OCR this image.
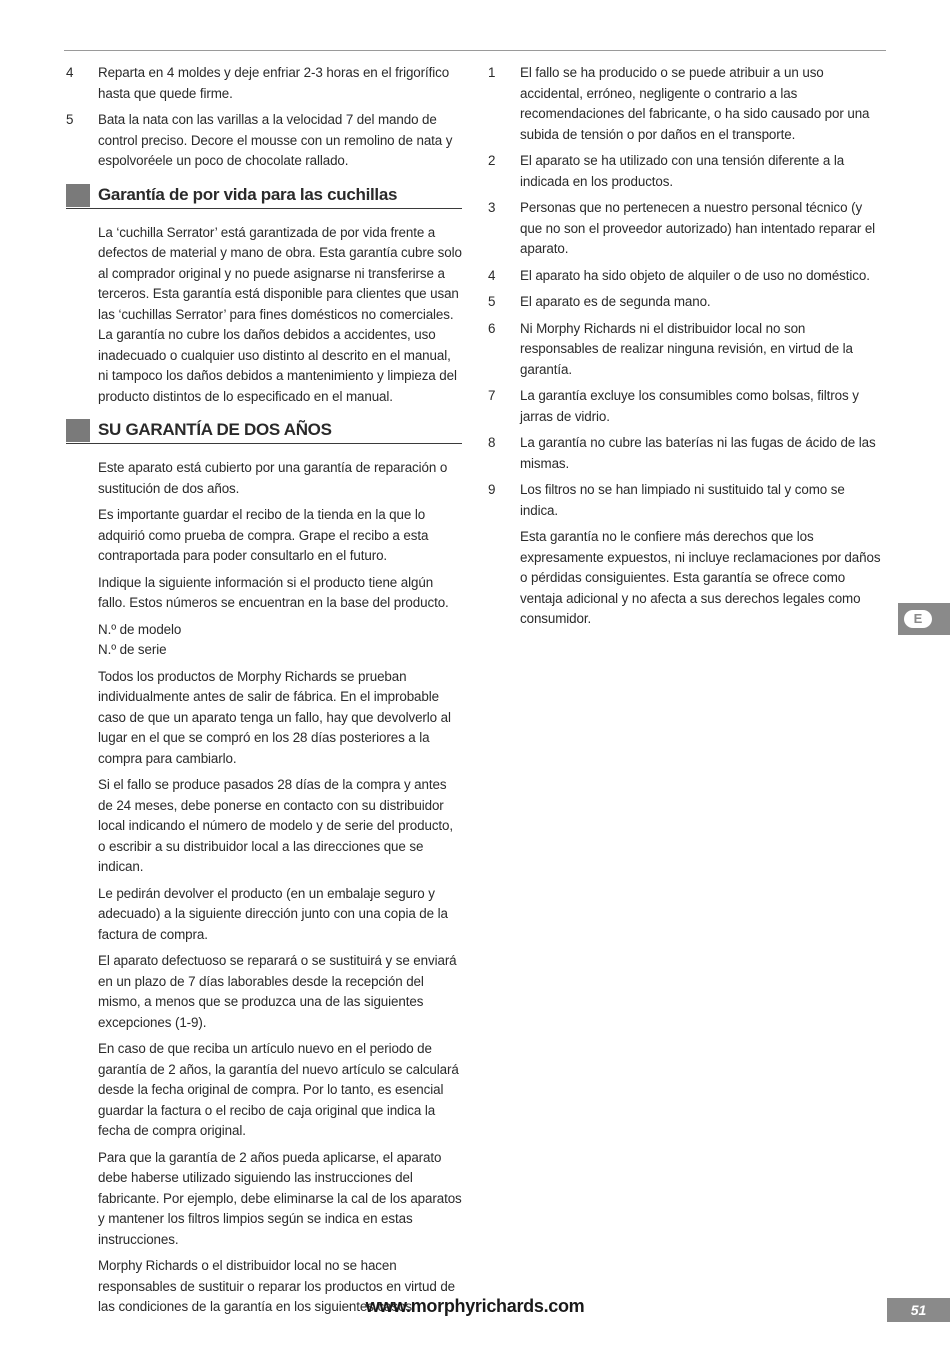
4 Reparta en 4 moldes y deje enfriar 2-3 horas en el frigorífico hasta que quede firme.
5 Bata la nata con las varillas a la velocidad 7 del mando de control preciso. Decore el mousse con un remolino de nata y espolvoréele un poco de chocolate rallado.
Garantía de por vida para las cuchillas

La ‘cuchilla Serrator’ está garantizada de por vida frente a defectos de material y mano de obra. Esta garantía cubre solo al comprador original y no puede asignarse ni transferirse a terceros. Esta garantía está disponible para clientes que usan las ‘cuchillas Serrator’ para fines domésticos no comerciales. La garantía no cubre los daños debidos a accidentes, uso inadecuado o cualquier uso distinto al descrito en el manual, ni tampoco los daños debidos a mantenimiento y limpieza del producto distintos de lo especificado en el manual.

SU GARANTÍA DE DOS AÑOS

Este aparato está cubierto por una garantía de reparación o sustitución de dos años.

Es importante guardar el recibo de la tienda en la que lo adquirió como prueba de compra. Grape el recibo a esta contraportada para poder consultarlo en el futuro.

Indique la siguiente información si el producto tiene algún fallo. Estos números se encuentran en la base del producto.

N.º de modelo

N.º de serie

Todos los productos de Morphy Richards se prueban individualmente antes de salir de fábrica. En el improbable caso de que un aparato tenga un fallo, hay que devolverlo al lugar en el que se compró en los 28 días posteriores a la compra para cambiarlo.

Si el fallo se produce pasados 28 días de la compra y antes de 24 meses, debe ponerse en contacto con su distribuidor local indicando el número de modelo y de serie del producto, o escribir a su distribuidor local a las direcciones que se indican.

Le pedirán devolver el producto (en un embalaje seguro y adecuado) a la siguiente dirección junto con una copia de la factura de compra.

El aparato defectuoso se reparará o se sustituirá y se enviará en un plazo de 7 días laborables desde la recepción del mismo, a menos que se produzca una de las siguientes excepciones (1-9).

En caso de que reciba un artículo nuevo en el periodo de garantía de 2 años, la garantía del nuevo artículo se calculará desde la fecha original de compra. Por lo tanto, es esencial guardar la factura o el recibo de caja original que indica la fecha de compra original.

Para que la garantía de 2 años pueda aplicarse, el aparato debe haberse utilizado siguiendo las instrucciones del fabricante. Por ejemplo, debe eliminarse la cal de los aparatos y mantener los filtros limpios según se indica en estas instrucciones.

Morphy Richards o el distribuidor local no se hacen responsables de sustituir o reparar los productos en virtud de las condiciones de la garantía en los siguientes casos:

1 El fallo se ha producido o se puede atribuir a un uso accidental, erróneo, negligente o contrario a las recomendaciones del fabricante, o ha sido causado por una subida de tensión o por daños en el transporte.
2 El aparato se ha utilizado con una tensión diferente a la indicada en los productos.
3 Personas que no pertenecen a nuestro personal técnico (y que no son el proveedor autorizado) han intentado reparar el aparato.
4 El aparato ha sido objeto de alquiler o de uso no doméstico.
5 El aparato es de segunda mano.
6 Ni Morphy Richards ni el distribuidor local no son responsables de realizar ninguna revisión, en virtud de la garantía.
7 La garantía excluye los consumibles como bolsas, filtros y jarras de vidrio.
8 La garantía no cubre las baterías ni las fugas de ácido de las mismas.
9 Los filtros no se han limpiado ni sustituido tal y como se indica.

Esta garantía no le confiere más derechos que los expresamente expuestos, ni incluye reclamaciones por daños o pérdidas consiguientes. Esta garantía se ofrece como ventaja adicional y no afecta a sus derechos legales como consumidor.	E
www.morphyrichards.com	51
